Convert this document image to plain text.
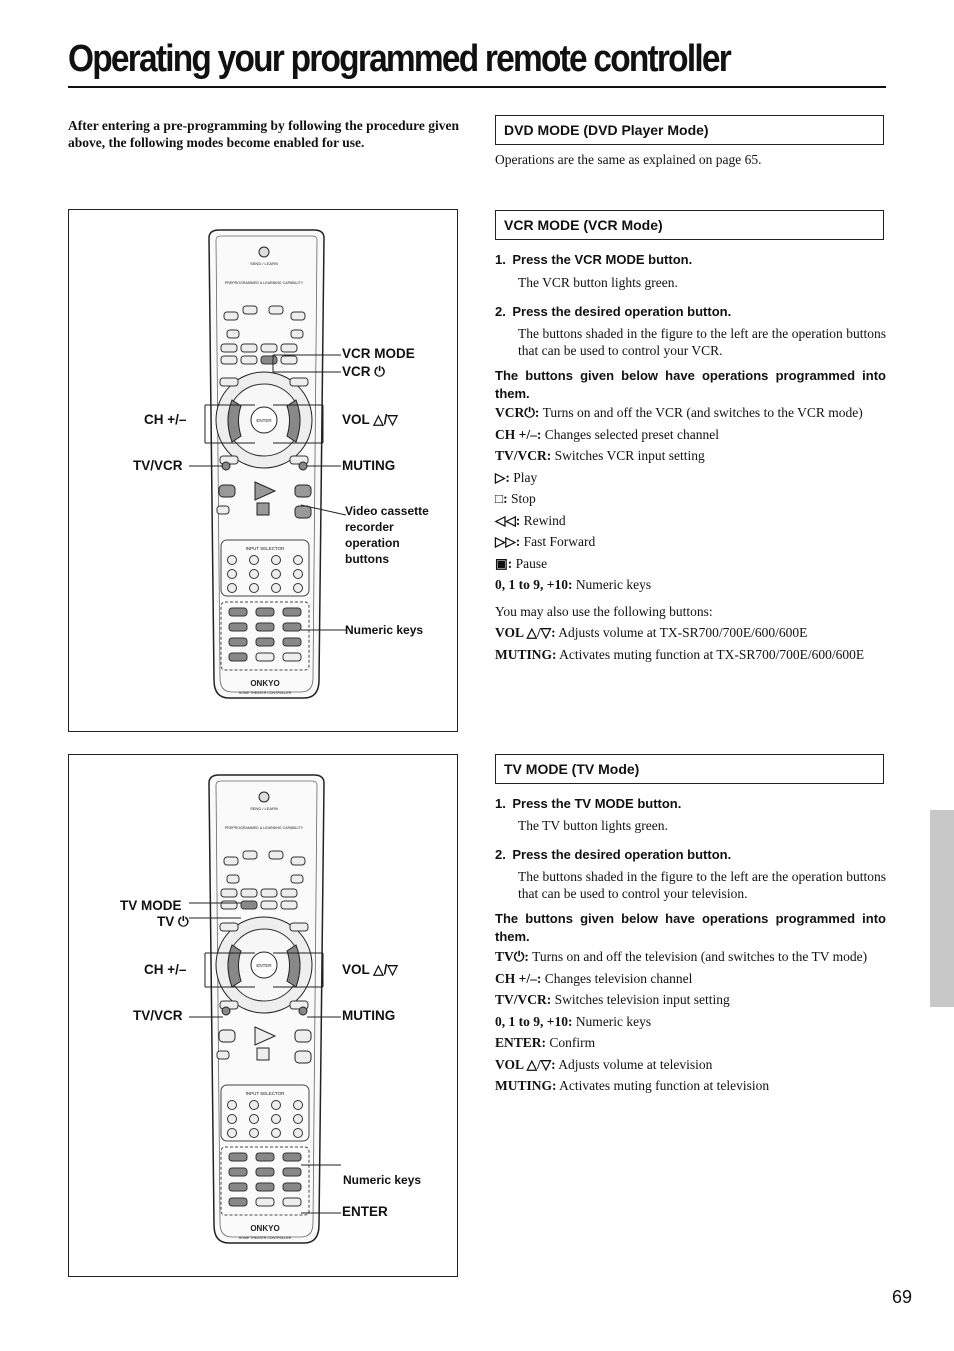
Operating your programmed remote controller
After entering a pre-programming by following the procedure given above, the following modes become enabled for use.
DVD MODE (DVD Player Mode)
Operations are the same as explained on page 65.
VCR MODE (VCR Mode)
1. Press the VCR MODE button.
The VCR button lights green.
2. Press the desired operation button.
The buttons shaded in the figure to the left are the operation buttons that can be used to control your VCR.
The buttons given below have operations programmed into them.
VCR⏻: Turns on and off the VCR (and switches to the VCR mode)
CH +/–: Changes selected preset channel
TV/VCR: Switches VCR input setting
▷: Play
□: Stop
◁◁: Rewind
▷▷: Fast Forward
▣: Pause
0, 1 to 9, +10: Numeric keys
You may also use the following buttons:
VOL △/▽: Adjusts volume at TX-SR700/700E/600/600E
MUTING: Activates muting function at TX-SR700/700E/600/600E
TV MODE (TV Mode)
1. Press the TV MODE button.
The TV button lights green.
2. Press the desired operation button.
The buttons shaded in the figure to the left are the operation buttons that can be used to control your television.
The buttons given below have operations programmed into them.
TV⏻: Turns on and off the television (and switches to the TV mode)
CH +/–: Changes television channel
TV/VCR: Switches television input setting
0, 1 to 9, +10: Numeric keys
ENTER: Confirm
VOL △/▽: Adjusts volume at television
MUTING: Activates muting function at television
SEND / LEARN
PREPROGRAMMED & LEARNING CAPABILITY
ENTER
INPUT SELECTOR
ONKYO
HOME THEATER CONTROLLER
VCR MODE
VCR ⏻
CH +/–	VOL △/▽
TV/VCR	MUTING
Video cassette recorder operation buttons
Numeric keys
SEND / LEARN
PREPROGRAMMED & LEARNING CAPABILITY
ENTER
INPUT SELECTOR
ONKYO
HOME THEATER CONTROLLER
TV MODE
TV ⏻
CH +/–	VOL △/▽
TV/VCR	MUTING
Numeric keys
ENTER
69
